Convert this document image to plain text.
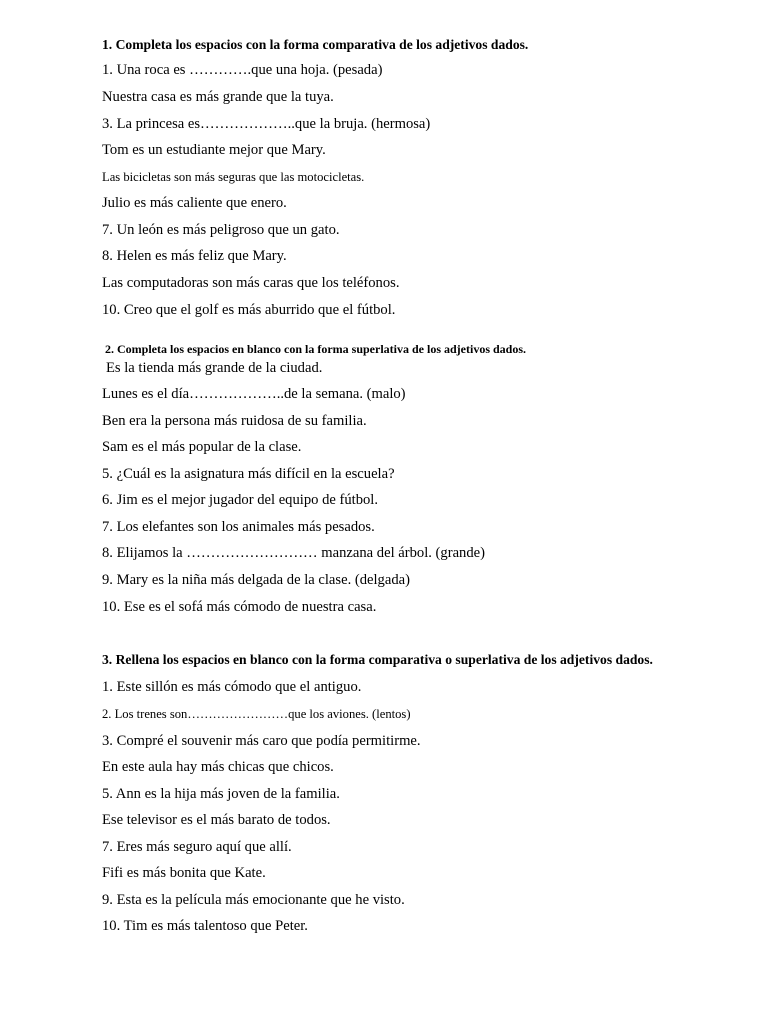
1. Completa los espacios con la forma comparativa de los adjetivos dados.
1. Una roca es ………….que una hoja. (pesada)
Nuestra casa es más grande que la tuya.
3. La princesa es………………..que la bruja. (hermosa)
Tom es un estudiante mejor que Mary.
Las bicicletas son más seguras que las motocicletas.
Julio es más caliente que enero.
7. Un león es más peligroso que un gato.
8. Helen es más feliz que Mary.
Las computadoras son más caras que los teléfonos.
10. Creo que el golf es más aburrido que el fútbol.
2. Completa los espacios en blanco con la forma superlativa de los adjetivos dados.
Es la tienda más grande de la ciudad.
Lunes es el día………………..de la semana. (malo)
Ben era la persona más ruidosa de su familia.
Sam es el más popular de la clase.
5. ¿Cuál es la asignatura más difícil en la escuela?
6. Jim es el mejor jugador del equipo de fútbol.
7. Los elefantes son los animales más pesados.
8. Elijamos la ……………………… manzana del árbol. (grande)
9. Mary es la niña más delgada de la clase. (delgada)
10. Ese es el sofá más cómodo de nuestra casa.
3. Rellena los espacios en blanco con la forma comparativa o superlativa de los adjetivos dados.
1. Este sillón es más cómodo que el antiguo.
2. Los trenes son……………………que los aviones. (lentos)
3. Compré el souvenir más caro que podía permitirme.
En este aula hay más chicas que chicos.
5. Ann es la hija más joven de la familia.
Ese televisor es el más barato de todos.
7. Eres más seguro aquí que allí.
Fifi es más bonita que Kate.
9. Esta es la película más emocionante que he visto.
10. Tim es más talentoso que Peter.
